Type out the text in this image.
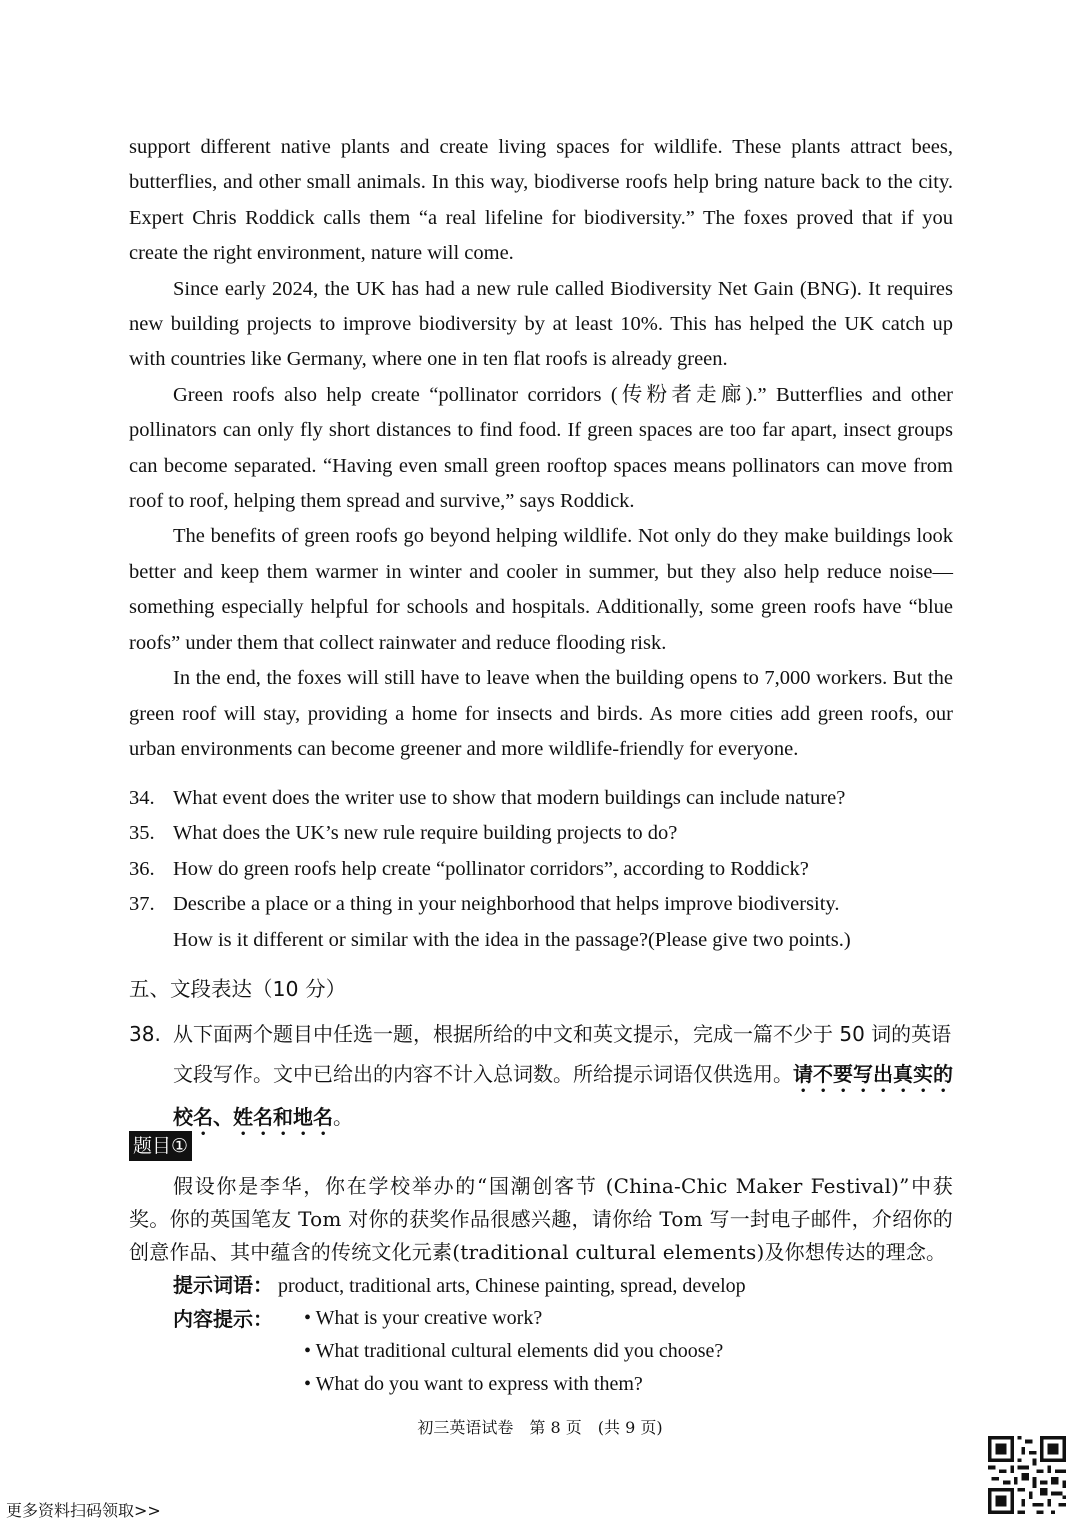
support different native plants and create living spaces for wildlife. These plants attract bees, butterflies, and other small animals. In this way, biodiverse roofs help bring nature back to the city. Expert Chris Roddick calls them “a real lifeline for biodiversity.” The foxes proved that if you create the right environment, nature will come.

Since early 2024, the UK has had a new rule called Biodiversity Net Gain (BNG). It requires new building projects to improve biodiversity by at least 10%. This has helped the UK catch up with countries like Germany, where one in ten flat roofs is already green.

Green roofs also help create “pollinator corridors (传粉者走廊).” Butterflies and other pollinators can only fly short distances to find food. If green spaces are too far apart, insect groups can become separated. “Having even small green rooftop spaces means pollinators can move from roof to roof, helping them spread and survive,” says Roddick.

The benefits of green roofs go beyond helping wildlife. Not only do they make buildings look better and keep them warmer in winter and cooler in summer, but they also help reduce noise—something especially helpful for schools and hospitals. Additionally, some green roofs have “blue roofs” under them that collect rainwater and reduce flooding risk.

In the end, the foxes will still have to leave when the building opens to 7,000 workers. But the green roof will stay, providing a home for insects and birds. As more cities add green roofs, our urban environments can become greener and more wildlife-friendly for everyone.

34. What event does the writer use to show that modern buildings can include nature?
35. What does the UK’s new rule require building projects to do?
36. How do green roofs help create “pollinator corridors”, according to Roddick?
37. Describe a place or a thing in your neighborhood that helps improve biodiversity.
How is it different or similar with the idea in the passage?(Please give two points.)
五、文段表达（10 分）
38. 从下面两个题目中任选一题，根据所给的中文和英文提示，完成一篇不少于 50 词的英语文段写作。文中已给出的内容不计入总词数。所给提示词语仅供选用。请不要写出真实的校名、姓名和地名。
题目①

假设你是李华，你在学校举办的“国潮创客节 (China-Chic Maker Festival)”中获奖。你的英国笔友 Tom 对你的获奖作品很感兴趣，请你给 Tom 写一封电子邮件，介绍你的创意作品、其中蕴含的传统文化元素(traditional cultural elements)及你想传达的理念。

提示词语： product, traditional arts, Chinese painting, spread, develop
内容提示：	• What is your creative work?
• What traditional cultural elements did you choose?
• What do you want to express with them?
初三英语试卷　第 8 页　(共 9 页)
更多资料扫码领取>>
